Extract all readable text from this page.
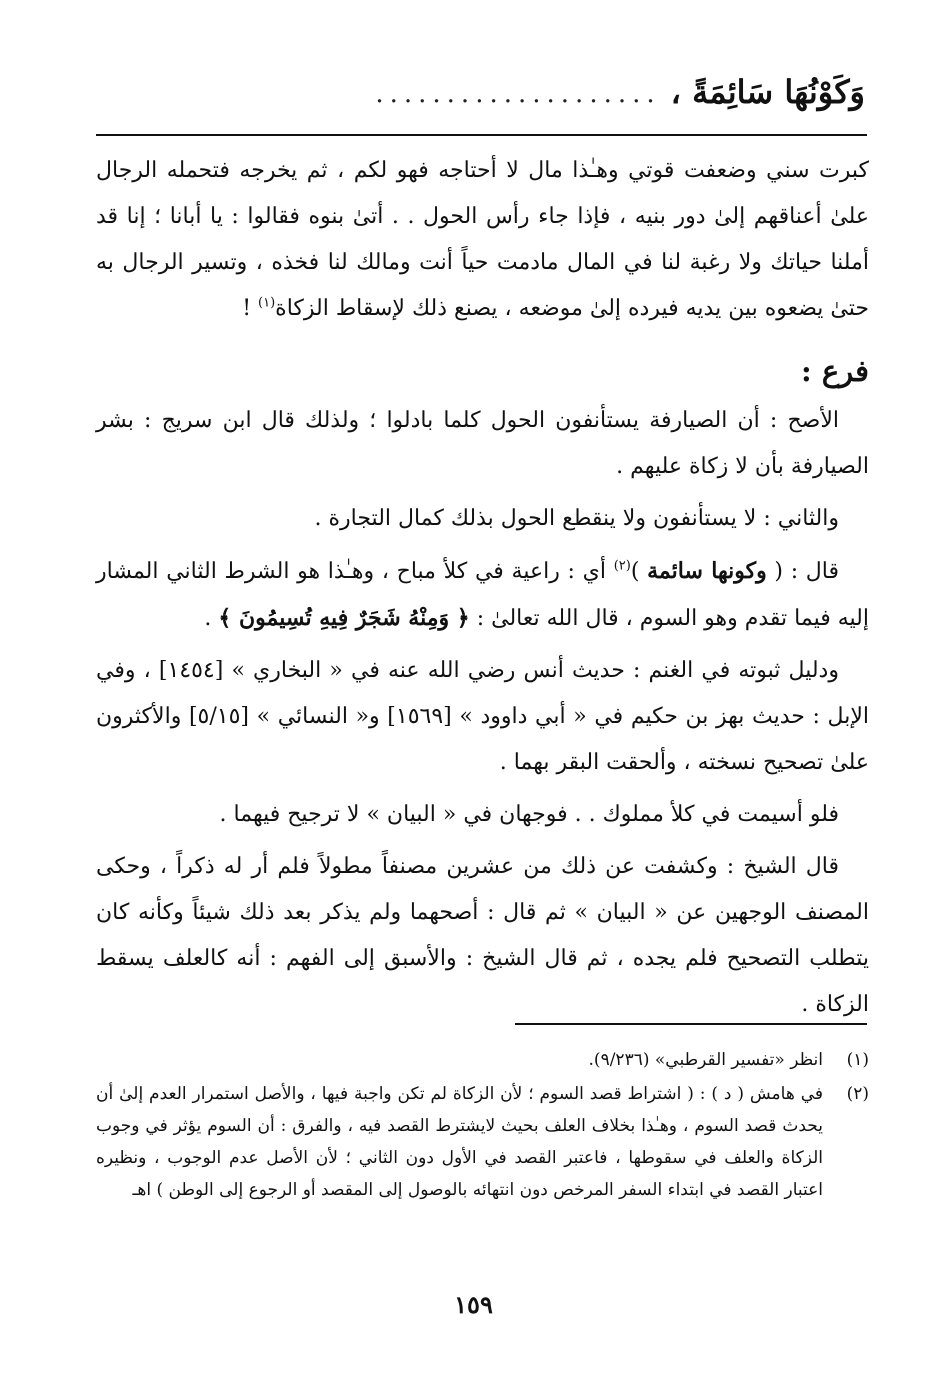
وَكَوْنُهَا سَائِمَةً ،
....................

كبرت سني وضعفت قوتي وهـٰذا مال لا أحتاجه فهو لكم ، ثم يخرجه فتحمله الرجال علىٰ أعناقهم إلىٰ دور بنيه ، فإذا جاء رأس الحول . . أتىٰ بنوه فقالوا : يا أبانا ؛ إنا قد أملنا حياتك ولا رغبة لنا في المال مادمت حياً أنت ومالك لنا فخذه ، وتسير الرجال به حتىٰ يضعوه بين يديه فيرده إلىٰ موضعه ، يصنع ذلك لإسقاط الزكاة$^{(١)}$ !

فرع :

الأصح : أن الصيارفة يستأنفون الحول كلما بادلوا ؛ ولذلك قال ابن سريج : بشر الصيارفة بأن لا زكاة عليهم .

والثاني : لا يستأنفون ولا ينقطع الحول بذلك كمال التجارة .

قال : ( وكونها سائمة )$^{(٢)}$ أي : راعية في كلأ مباح ، وهـٰذا هو الشرط الثاني المشار إليه فيما تقدم وهو السوم ، قال الله تعالىٰ : ﴿ وَمِنْهُ شَجَرٌ فِيهِ تُسِيمُونَ ﴾ .

ودليل ثبوته في الغنم : حديث أنس رضي الله عنه في « البخاري » [١٤٥٤] ، وفي الإبل : حديث بهز بن حكيم في « أبي داوود » [١٥٦٩] و« النسائي » [٥/١٥] والأكثرون علىٰ تصحيح نسخته ، وألحقت البقر بهما .

فلو أسيمت في كلأ مملوك . . فوجهان في « البيان » لا ترجيح فيهما .

قال الشيخ : وكشفت عن ذلك من عشرين مصنفاً مطولاً فلم أر له ذكراً ، وحكى المصنف الوجهين عن « البيان » ثم قال : أصحهما ولم يذكر بعد ذلك شيئاً وكأنه كان يتطلب التصحيح فلم يجده ، ثم قال الشيخ : والأسبق إلى الفهم : أنه كالعلف يسقط الزكاة .

(١)
انظر «تفسير القرطبي» (٩/٢٣٦).
(٢)
في هامش ( د ) : ( اشتراط قصد السوم ؛ لأن الزكاة لم تكن واجبة فيها ، والأصل استمرار العدم إلىٰ أن يحدث قصد السوم ، وهـٰذا بخلاف العلف بحيث لايشترط القصد فيه ، والفرق : أن السوم يؤثر في وجوب الزكاة والعلف في سقوطها ، فاعتبر القصد في الأول دون الثاني ؛ لأن الأصل عدم الوجوب ، ونظيره اعتبار القصد في ابتداء السفر المرخص دون انتهائه بالوصول إلى المقصد أو الرجوع إلى الوطن ) اهـ
١٥٩
